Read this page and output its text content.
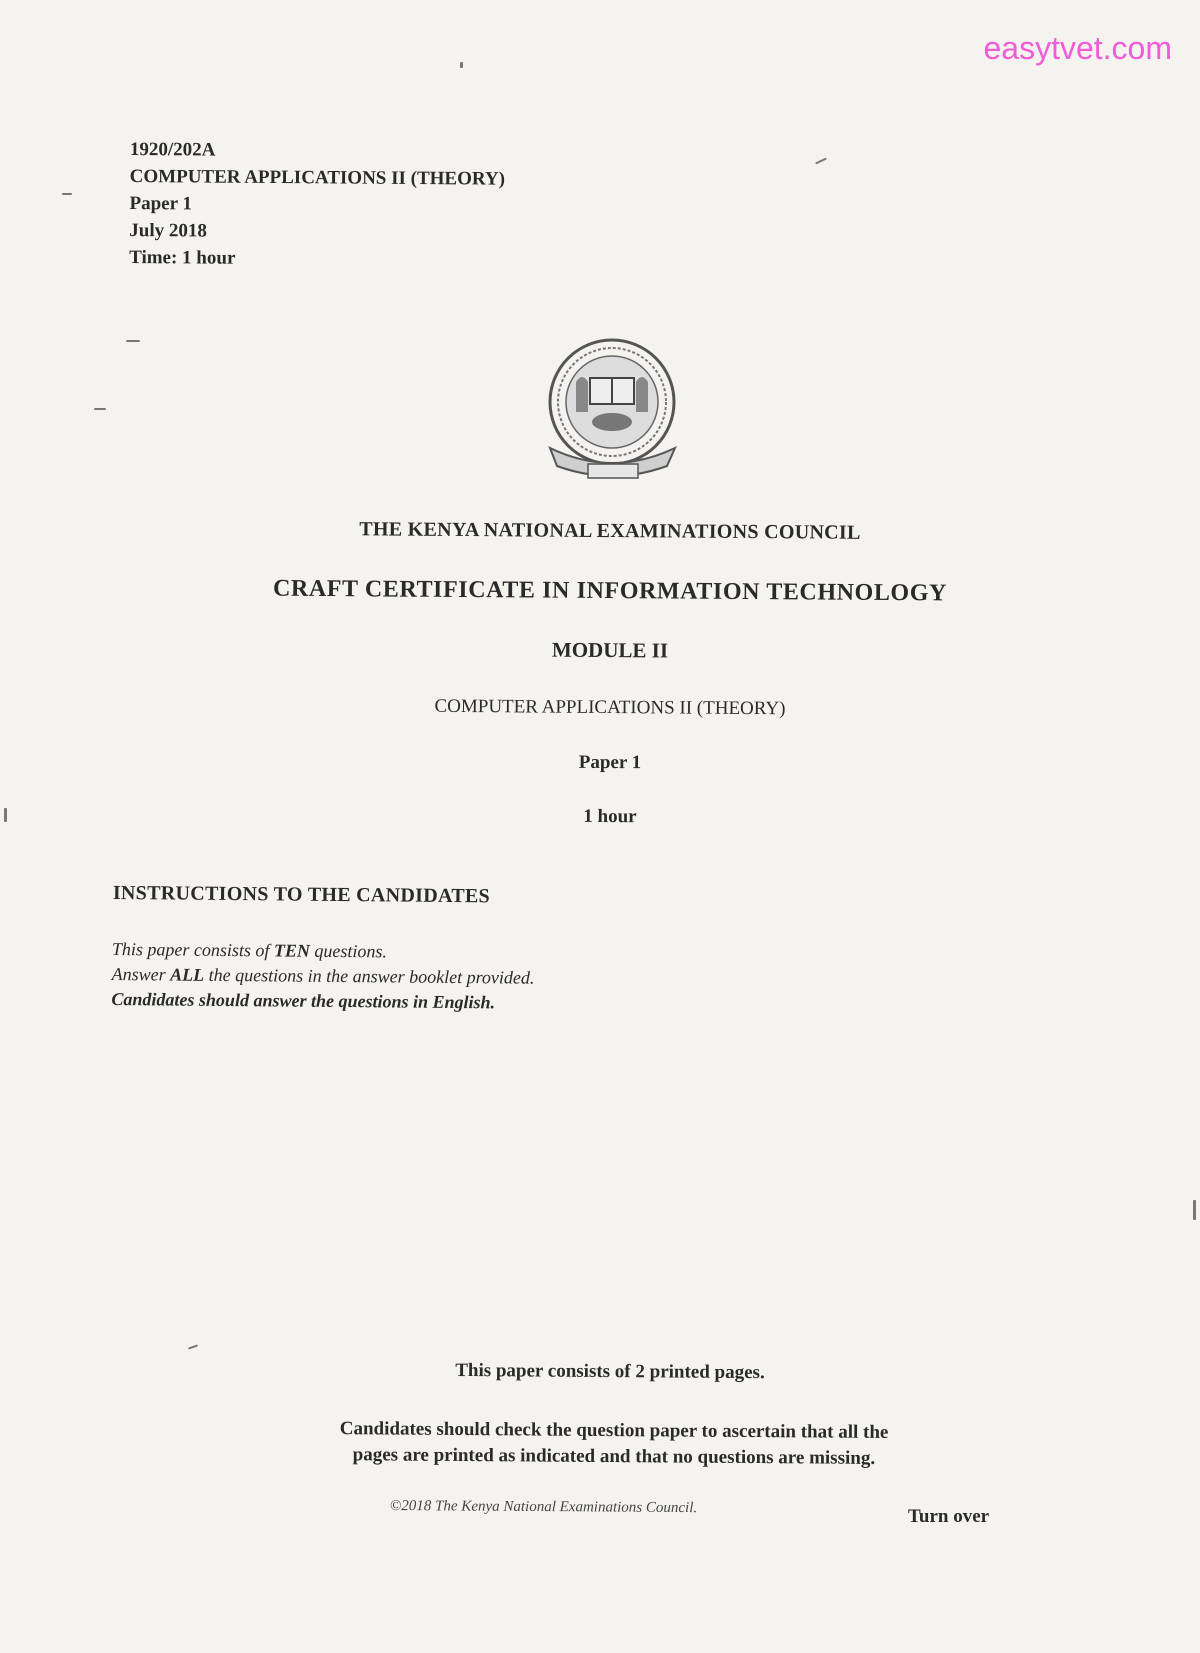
easytvet.com
1920/202A
COMPUTER APPLICATIONS II (THEORY)
Paper 1
July 2018
Time: 1 hour
THE KENYA NATIONAL EXAMINATIONS COUNCIL
CRAFT CERTIFICATE IN INFORMATION TECHNOLOGY
MODULE II
COMPUTER APPLICATIONS II (THEORY)
Paper 1
1 hour
INSTRUCTIONS TO THE CANDIDATES
This paper consists of TEN questions.
Answer ALL the questions in the answer booklet provided.
Candidates should answer the questions in English.
This paper consists of 2 printed pages.
Candidates should check the question paper to ascertain that all the
pages are printed as indicated and that no questions are missing.
©2018 The Kenya National Examinations Council.	Turn over
